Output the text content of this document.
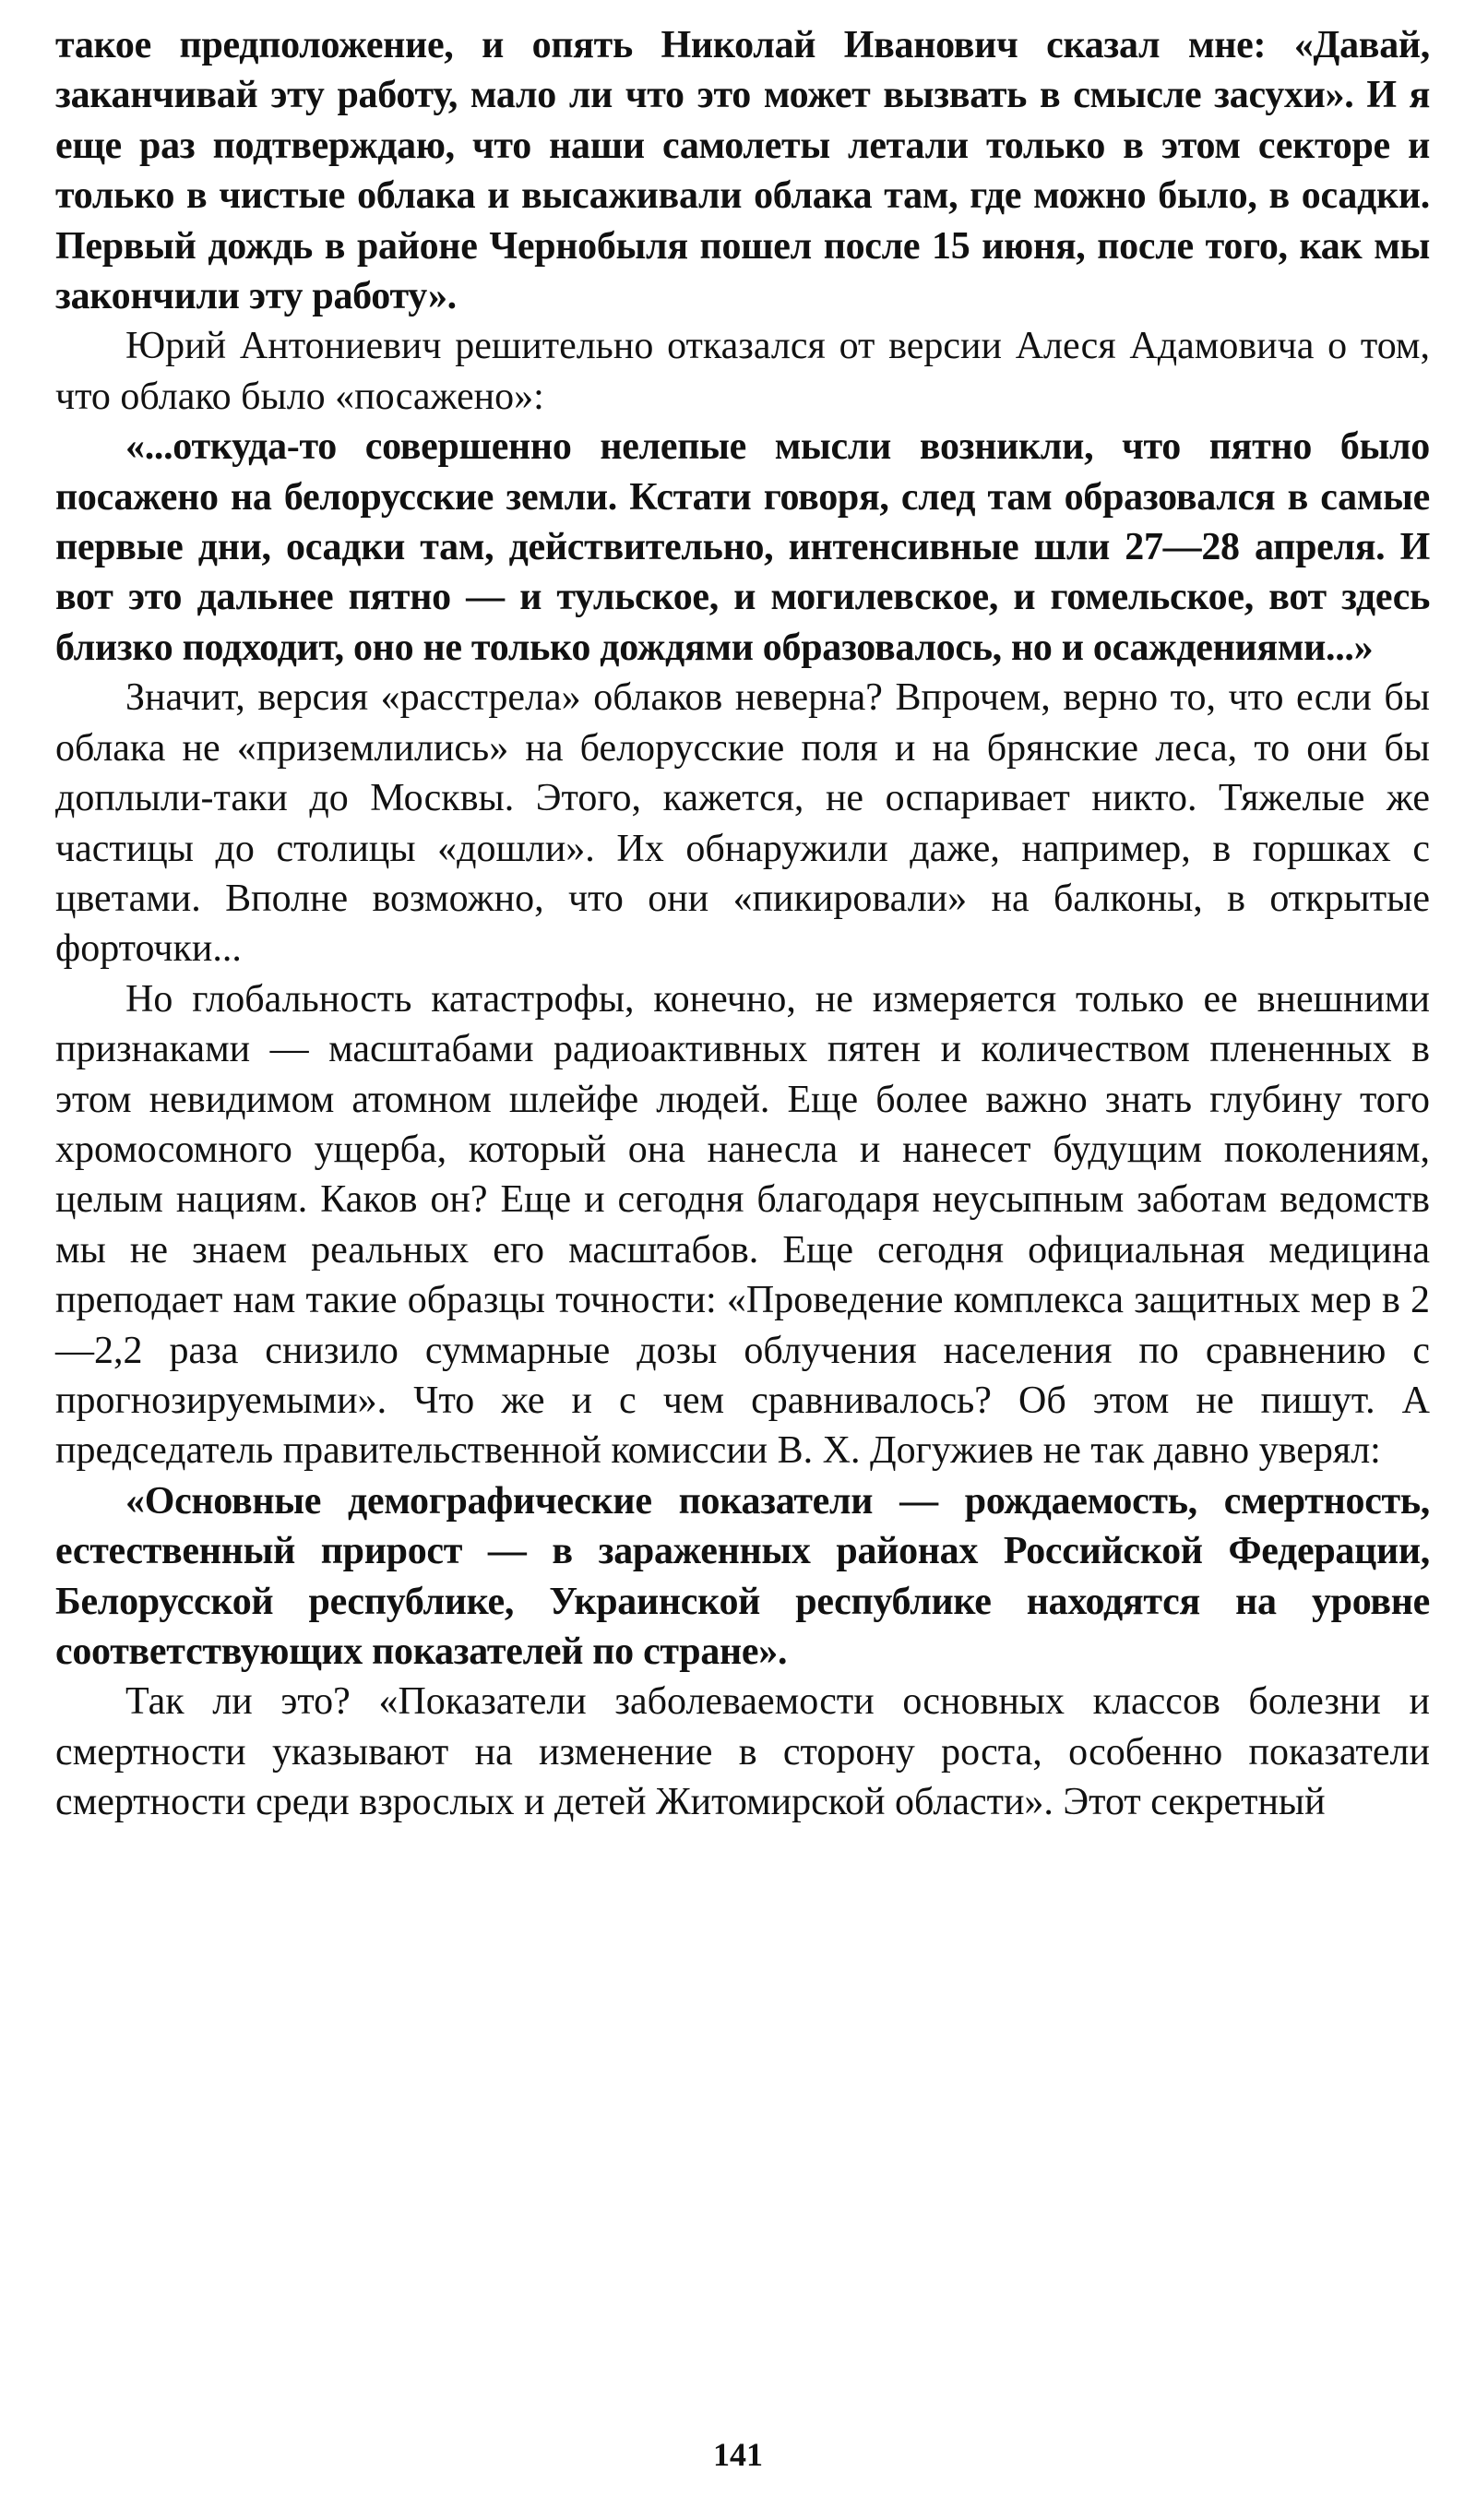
такое предположение, и опять Николай Иванович сказал мне: «Давай, заканчивай эту работу, мало ли что это может вызвать в смысле засухи». И я еще раз подтверждаю, что наши самолеты летали только в этом секторе и только в чистые облака и высаживали облака там, где можно было, в осадки. Первый дождь в районе Чернобыля пошел после 15 июня, после того, как мы закончили эту работу».

Юрий Антониевич решительно отказался от версии Алеся Адамовича о том, что облако было «посажено»:

«...откуда-то совершенно нелепые мысли возникли, что пятно было посажено на белорусские земли. Кстати говоря, след там образовался в самые первые дни, осадки там, действительно, интенсивные шли 27—28 апреля. И вот это дальнее пятно — и тульское, и могилевское, и гомельское, вот здесь близко подходит, оно не только дождями образовалось, но и осаждениями...»

Значит, версия «расстрела» облаков неверна? Впрочем, верно то, что если бы облака не «приземлились» на белорусские поля и на брянские леса, то они бы доплыли-таки до Москвы. Этого, кажется, не оспаривает никто. Тяжелые же частицы до столицы «дошли». Их обнаружили даже, например, в горшках с цветами. Вполне возможно, что они «пикировали» на балконы, в открытые форточки...

Но глобальность катастрофы, конечно, не измеряется только ее внешними признаками — масштабами радиоактивных пятен и количеством плененных в этом невидимом атомном шлейфе людей. Еще более важно знать глубину того хромосомного ущерба, который она нанесла и нанесет будущим поколениям, целым нациям. Каков он? Еще и сегодня благодаря неусыпным заботам ведомств мы не знаем реальных его масштабов. Еще сегодня официальная медицина преподает нам такие образцы точности: «Проведение комплекса защитных мер в 2—2,2 раза снизило суммарные дозы облучения населения по сравнению с прогнозируемыми». Что же и с чем сравнивалось? Об этом не пишут. А председатель правительственной комиссии В. Х. Догужиев не так давно уверял:

«Основные демографические показатели — рождаемость, смертность, естественный прирост — в зараженных районах Российской Федерации, Белорусской республике, Украинской республике находятся на уровне соответствующих показателей по стране».

Так ли это? «Показатели заболеваемости основных классов болезни и смертности указывают на изменение в сторону роста, особенно показатели смертности среди взрослых и детей Житомирской области». Этот секретный

141
